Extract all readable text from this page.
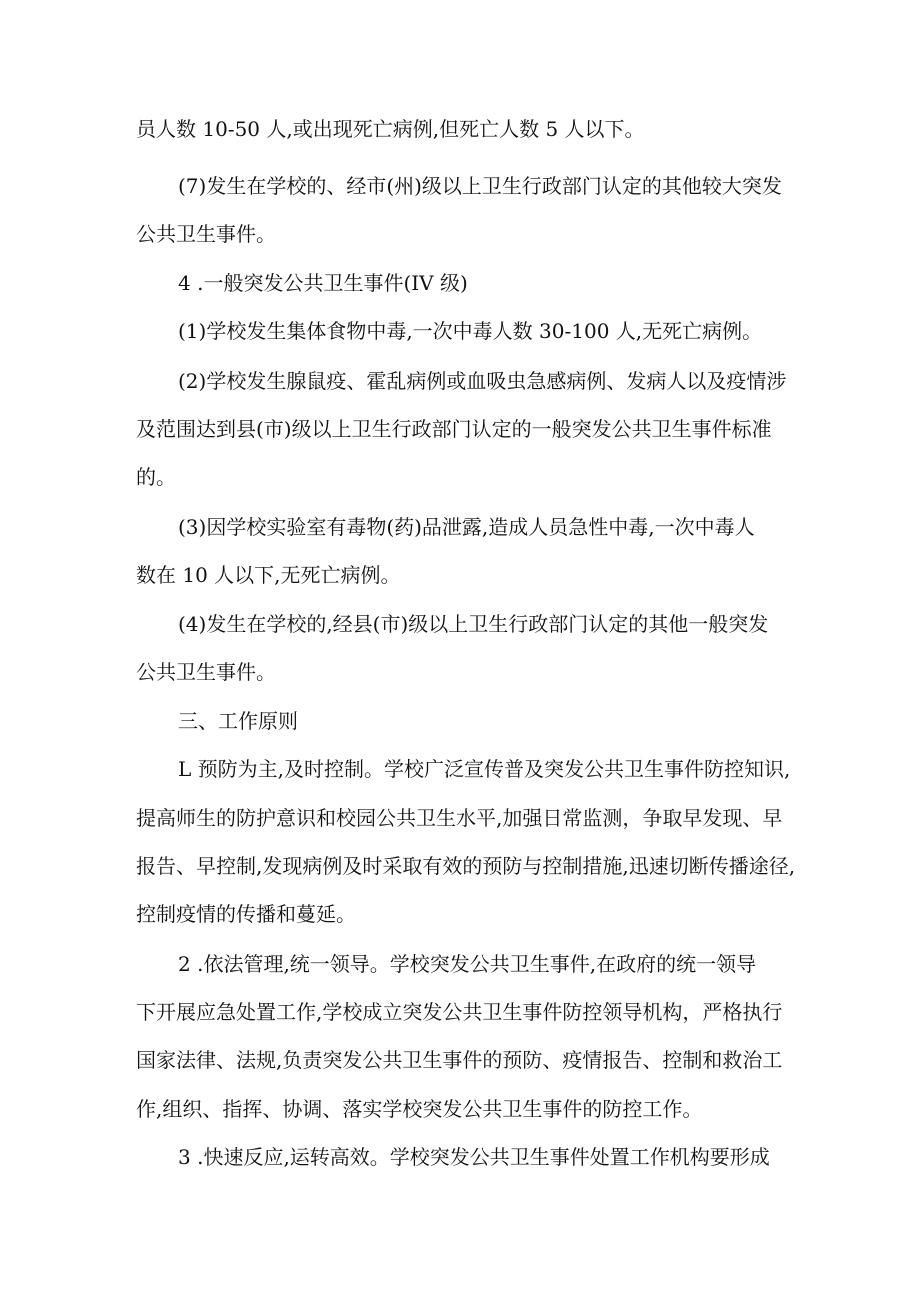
员人数 10-50 人,或出现死亡病例,但死亡人数 5 人以下。
(7)发生在学校的、经市(州)级以上卫生行政部门认定的其他较大突发
公共卫生事件。
4 .一般突发公共卫生事件(IV 级)
(1)学校发生集体食物中毒,一次中毒人数 30-100 人,无死亡病例。
(2)学校发生腺鼠疫、霍乱病例或血吸虫急感病例、发病人以及疫情涉
及范围达到县(市)级以上卫生行政部门认定的一般突发公共卫生事件标准
的。
(3)因学校实验室有毒物(药)品泄露,造成人员急性中毒,一次中毒人
数在 10 人以下,无死亡病例。
(4)发生在学校的,经县(市)级以上卫生行政部门认定的其他一般突发
公共卫生事件。
三、工作原则
L 预防为主,及时控制。学校广泛宣传普及突发公共卫生事件防控知识,
提高师生的防护意识和校园公共卫生水平,加强日常监测，争取早发现、早
报告、早控制,发现病例及时采取有效的预防与控制措施,迅速切断传播途径,
控制疫情的传播和蔓延。
2 .依法管理,统一领导。学校突发公共卫生事件,在政府的统一领导
下开展应急处置工作,学校成立突发公共卫生事件防控领导机构，严格执行
国家法律、法规,负责突发公共卫生事件的预防、疫情报告、控制和救治工
作,组织、指挥、协调、落实学校突发公共卫生事件的防控工作。
3 .快速反应,运转高效。学校突发公共卫生事件处置工作机构要形成
